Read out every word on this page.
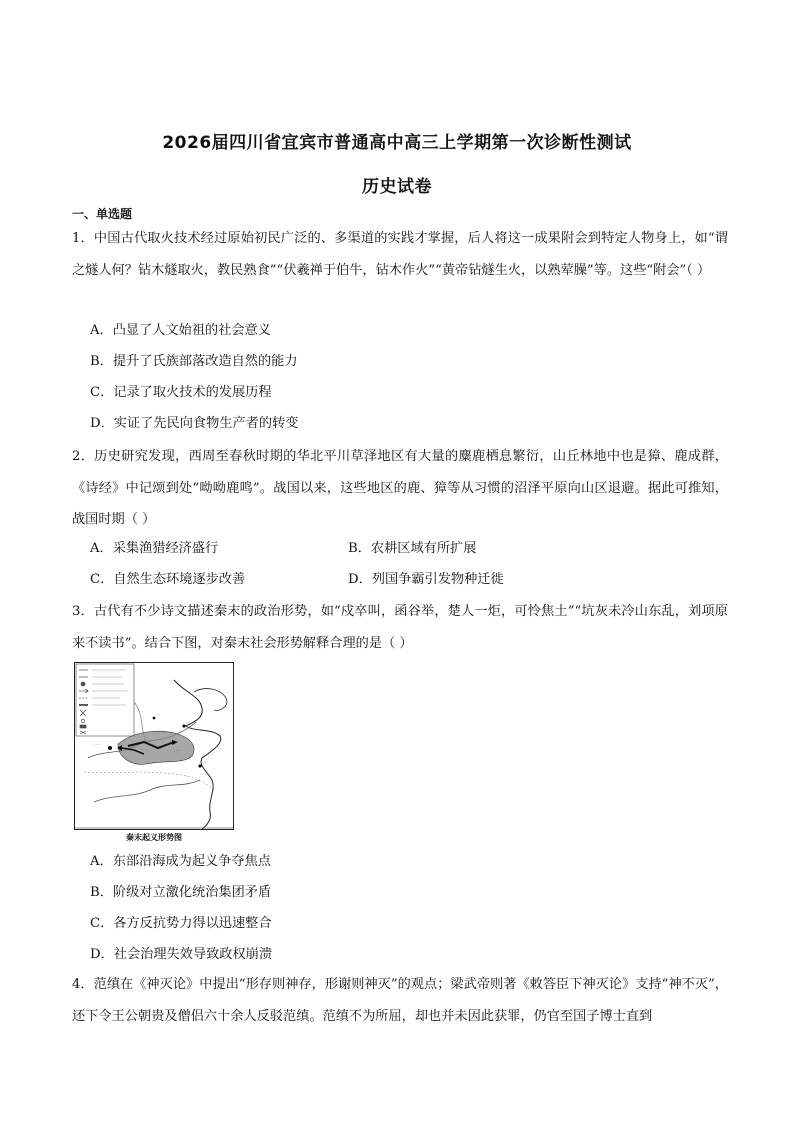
2026届四川省宜宾市普通高中高三上学期第一次诊断性测试
历史试卷
一、单选题
1．中国古代取火技术经过原始初民广泛的、多渠道的实践才掌握，后人将这一成果附会到特定人物身上，如“谓之燧人何？钻木燧取火，教民熟食”“伏羲禅于伯牛，钻木作火”“黄帝钻燧生火，以熟荤臊”等。这些“附会”（ ）
A．凸显了人文始祖的社会意义
B．提升了氏族部落改造自然的能力
C．记录了取火技术的发展历程
D．实证了先民向食物生产者的转变
2．历史研究发现，西周至春秋时期的华北平川草泽地区有大量的麋鹿栖息繁衍，山丘林地中也是獐、鹿成群，《诗经》中记颂到处“呦呦鹿鸣”。战国以来，这些地区的鹿、獐等从习惯的沼泽平原向山区退避。据此可推知，战国时期（ ）
A．采集渔猎经济盛行	B．农耕区域有所扩展
C．自然生态环境逐步改善	D．列国争霸引发物种迁徙
3．古代有不少诗文描述秦末的政治形势，如“戍卒叫，函谷举，楚人一炬，可怜焦土”“坑灰未冷山东乱，刘项原来不读书”。结合下图，对秦末社会形势解释合理的是（ ）
· · ·
· ·
· ·
· ·
· · ·
秦末起义形势图
A．东部沿海成为起义争夺焦点
B．阶级对立激化统治集团矛盾
C．各方反抗势力得以迅速整合
D．社会治理失效导致政权崩溃
4．范缜在《神灭论》中提出“形存则神存，形谢则神灭”的观点；梁武帝则著《敕答臣下神灭论》支持“神不灭”，还下令王公朝贵及僧侣六十余人反驳范缜。范缜不为所屈，却也并未因此获罪，仍官至国子博士直到
